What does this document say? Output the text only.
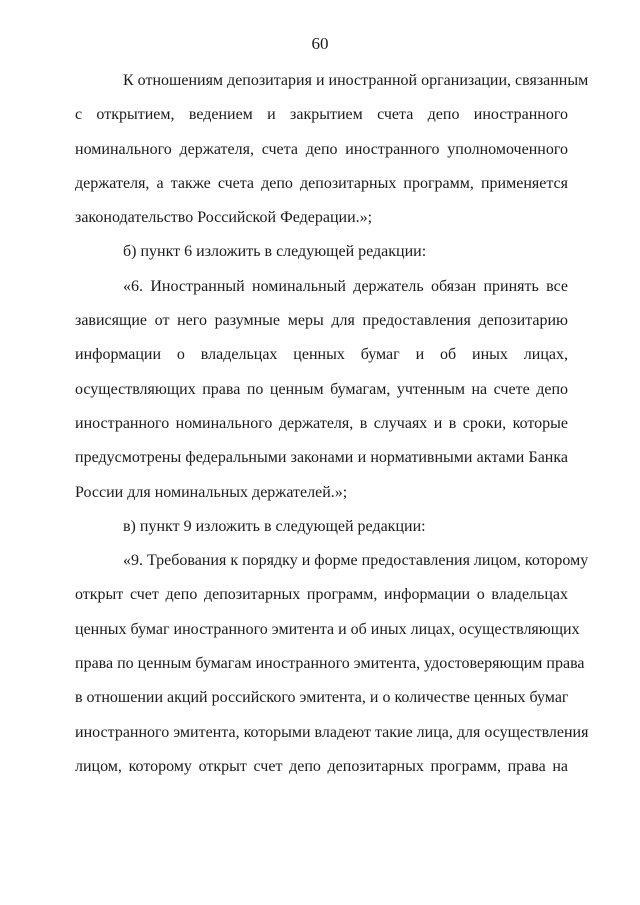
60
К отношениям депозитария и иностранной организации, связанным
с открытием, ведением и закрытием счета депо иностранного
номинального держателя, счета депо иностранного уполномоченного
держателя, а также счета депо депозитарных программ, применяется
законодательство Российской Федерации.»;
б) пункт 6 изложить в следующей редакции:
«6. Иностранный номинальный держатель обязан принять все
зависящие от него разумные меры для предоставления депозитарию
информации о владельцах ценных бумаг и об иных лицах,
осуществляющих права по ценным бумагам, учтенным на счете депо
иностранного номинального держателя, в случаях и в сроки, которые
предусмотрены федеральными законами и нормативными актами Банка
России для номинальных держателей.»;
в) пункт 9 изложить в следующей редакции:
«9. Требования к порядку и форме предоставления лицом, которому
открыт счет депо депозитарных программ, информации о владельцах
ценных бумаг иностранного эмитента и об иных лицах, осуществляющих
права по ценным бумагам иностранного эмитента, удостоверяющим права
в отношении акций российского эмитента, и о количестве ценных бумаг
иностранного эмитента, которыми владеют такие лица, для осуществления
лицом, которому открыт счет депо депозитарных программ, права на
